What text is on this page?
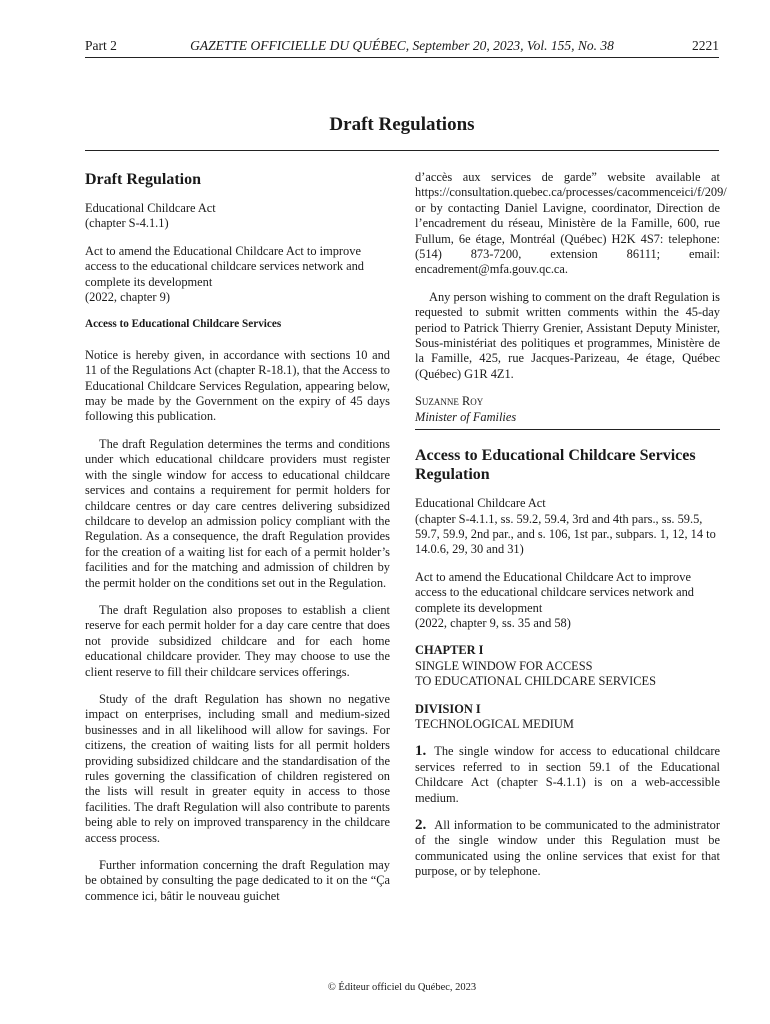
Part 2	GAZETTE OFFICIELLE DU QUÉBEC, September 20, 2023, Vol. 155, No. 38	2221
Draft Regulations
Draft Regulation

Educational Childcare Act
(chapter S-4.1.1)

Act to amend the Educational Childcare Act to improve access to the educational childcare services network and complete its development
(2022, chapter 9)

Access to Educational Childcare Services

Notice is hereby given, in accordance with sections 10 and 11 of the Regulations Act (chapter R-18.1), that the Access to Educational Childcare Services Regulation, appearing below, may be made by the Government on the expiry of 45 days following this publication.

The draft Regulation determines the terms and conditions under which educational childcare providers must register with the single window for access to educational childcare services and contains a requirement for permit holders for childcare centres or day care centres delivering subsidized childcare to develop an admission policy compliant with the Regulation. As a consequence, the draft Regulation provides for the creation of a waiting list for each of a permit holder’s facilities and for the matching and admission of children by the permit holder on the conditions set out in the Regulation.

The draft Regulation also proposes to establish a client reserve for each permit holder for a day care centre that does not provide subsidized childcare and for each home educational childcare provider. They may choose to use the client reserve to fill their childcare services offerings.

Study of the draft Regulation has shown no negative impact on enterprises, including small and medium-sized businesses and in all likelihood will allow for savings. For citizens, the creation of waiting lists for all permit holders providing subsidized childcare and the standardisation of the rules governing the classification of children registered on the lists will result in greater equity in access to those facilities. The draft Regulation will also contribute to parents being able to rely on improved transparency in the childcare access process.

Further information concerning the draft Regulation may be obtained by consulting the page dedicated to it on the “Ça commence ici, bâtir le nouveau guichet

d’accès aux services de garde” website available at https://consultation.quebec.ca/processes/cacommenceici/f/209/ or by contacting Daniel Lavigne, coordinator, Direction de l’encadrement du réseau, Ministère de la Famille, 600, rue Fullum, 6e étage, Montréal (Québec) H2K 4S7: telephone: (514) 873-7200, extension 86111; email: encadrement@mfa.gouv.qc.ca.

Any person wishing to comment on the draft Regulation is requested to submit written comments within the 45-day period to Patrick Thierry Grenier, Assistant Deputy Minister, Sous-ministériat des politiques et programmes, Ministère de la Famille, 425, rue Jacques-Parizeau, 4e étage, Québec (Québec) G1R 4Z1.

Suzanne Roy
Minister of Families
Access to Educational Childcare Services Regulation

Educational Childcare Act
(chapter S-4.1.1, ss. 59.2, 59.4, 3rd and 4th pars., ss. 59.5, 59.7, 59.9, 2nd par., and s. 106, 1st par., subpars. 1, 12, 14 to 14.0.6, 29, 30 and 31)

Act to amend the Educational Childcare Act to improve access to the educational childcare services network and complete its development
(2022, chapter 9, ss. 35 and 58)

CHAPTER I
SINGLE WINDOW FOR ACCESS
TO EDUCATIONAL CHILDCARE SERVICES

DIVISION I
TECHNOLOGICAL MEDIUM

1. The single window for access to educational childcare services referred to in section 59.1 of the Educational Childcare Act (chapter S-4.1.1) is on a web-accessible medium.

2. All information to be communicated to the administrator of the single window under this Regulation must be communicated using the online services that exist for that purpose, or by telephone.

© Éditeur officiel du Québec, 2023
